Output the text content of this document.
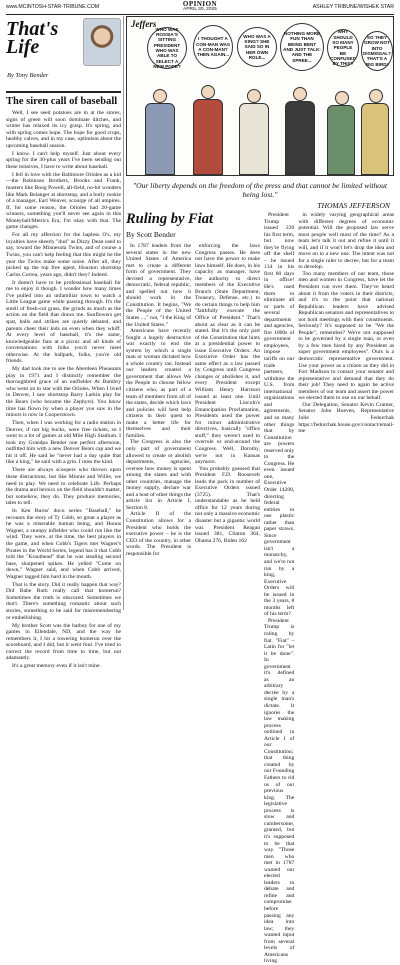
www.MCINTOSH-STAR-TRIBUNE.COM	ASHLEY TRIBUNE/WISHEK STAR
OPINION
APRIL 30, 2025
That's
Life
By Tony Bender
The siren call of baseball

Well, I see seed potatoes are in at the stores, signs of green will soon dominate ditches, and winter has relaxed its icy grasp. It's spring, and with spring comes hope. The hope for good crops, healthy calves, and in my case, optimism about the upcoming baseball season.

I know. I can't help myself. Just about every spring for the 30-plus years I've been sending out these missives, I have to write about baseball.

I fell in love with the Baltimore Orioles as a kid—the Robinson Brothers, Brooks and Frank, masters like Boog Powell, all-field, no-hit wonders like Mark Belanger at shortstop, and a burly rookie of a manager, Earl Weaver, scourge of all umpires. If, for some reason, the Orioles had 20-game winners, something you'll never see again in this Moneyball/Metrics Era, I'm okay with that. The game changes.

For all my affection for the hapless O's, my loyalties have sheerly "dud" as Dizzy Dean used to say, toward the Minnesota Twins, and of course a Twins, you can't help feeling that this might be the year the Twins make some noise. After all, they picked up the top free agent, Houston shortstop Carlos Correa, years ago, didn't they? Indeed.

It doesn't have to be professional baseball for me to enjoy it though. I wonder how many times I've pulled into an unfamiliar town to watch a Little League game while passing through. It's the smell of fresh-cut grass, the grinds as much as the action on the field that draws me. Sunflowers get spat, balls and strikes are quietly debated, and parents cheer their kids on even when they whiff. At every level of baseball, it's the same, knowledgeable fans at a picnic and all kinds of conversations with folks you'd never meet otherwise. At the ballpark, folks, you're old friends.

My dad took me to see the Aberdeen Pheasants play in 1971 and I distinctly remember the thoroughbred grace of an outfielder At Bumbry who went on to star with the Orioles. When I lived in Denver, I saw shortstop Barry Larkin play for the Bears (who became the Zephyrs). You know time has flown by when a player you saw in the minors is now in Cooperstown.

Then, when I was working for a radio station in Denver, if not big bucks, were free tickets, so I went to a lot of games at old Mile High Stadium. I took my Grandpa Bender one perfect afternoon, outfitted him with a new Denver Bears cap and we hit it off. He said he "never had a day quite that like a king," he said with a grin. I miss the kind.

There are always scoopers who thrown upon these distractions, but like Minnie and Willie, we need to play. We need to celebrate Life. Perhaps the drama and heroics on the field shouldn't matter, but somehow, they do. They produce memories, tales to tell.

In Ken Burns' docu series "Baseball," he recounts the story of Ty Cobb, so great a player as he was a miserable human being, and Honus Wagner, a stumpy infielder who could run like the wind. They were, at the time, the best players in the game, and when Cobb's Tigers met Wagner's Pirates in the World Series, legend has it that Cobb told the "Krauthead" that he was stealing second base, sharpened spikes. He yelled "Come on down," Wagner said, and when Cobb arrived, Wagner tagged him hard in the mouth.

That is the story. Did it really happen that way? Did Babe Ruth really call that homerun? Sometimes the truth is obscured. Sometimes we don't. There's something romantic about such stories, something to be said for misremembering or embellishing.

My brother Scott was the batboy for one of my games in Ellendale, ND, and the way he remembers it, I hit a towering homerun over the scoreboard, and I did, but it went foul. I've tried to correct the record from time to time, but not adamantly.

It's a great memory even if it isn't mine.

Jeffers
WHO WAS ROSSIA'S SITTING PRESIDENT WHO WAS ABLE TO SELECT A NEW POPE?
I THOUGHT A CON-MAN WAS A CON-MAN? THEN AGAIN...
WHO WAS A KING? SHE SAID SO IN HER OWN ROLE...
NOTHING MORE FUN THAN BEING BENT AND JUST TALK: AND THE SPREE...
WHY SHOULD SO MANY PEOPLE BE CONFUSED BY THIS?
SO THEY GROW NOT INTO DISMISSAL? THAT'S A BIG BIRD!
"Our liberty depends on the freedom of the press and that cannot be limited without being lost."
THOMAS JEFFERSON
Ruling by Fiat
By Scott Bender

In 1787 leaders from the several states in the new United States of America met to create a different form of government. They devised a representative, democratic, federal republic, and spelled out how it should work in the Constitution. It begins, "We the People of the United States ...," not, "I the King of the United States."

Americans have recently fought a hugely destructive war exactly to end the system by which a single man or woman dictated how a whole country ran. Instead our leaders created a government that allows We the People to choose fellow citizens who, as part of a team of members from all of the states, decide which laws and policies will best help citizens in their quest to make a better life for themselves and their families.

The Congress is also the only part of government allowed to create or abolish departments, agencies, oversee how money is spent among the states and with other countries, manage the money supply, declare war and a host of other things the article list in Article I, Section 8.

Article II of the Constitution allows for a President who holds the executive power – he is the CEO of the country, in other words. The President is responsible for

enforcing the laws Congress passes. He does not have the power to make laws himself. He does, in his capacity as manager, have the authority to direct members of the Executive Branch (State Department, Treasury, Defense, etc.) to do certain things to help him "faithfully execute the Office of President." That's about as clear as it can be stated. But it's the only part of the Constitution that hints at a presidential power to issue Executive Orders. An Executive Order has the same effect as a law passed by Congress until Congress changes or abolishes it, and every President except William Henry Harrison issued at least one. Until President Lincoln's Emancipation Proclamation, Presidents used the power for minor administrative directives, basically "office stuff;" they weren't used to overrule or end-around the Congress. Well, Dorothy, we're not in Kansas anymore.

You probably guessed that President F.D. Roosevelt leads the pack in number of Executive Orders issued (3725). That's understandable as he held office for 12 years during not only a massive economic disaster but a gigantic world war. President Reagan issued 381, Clinton 364, Obama 276, Biden 162

President Trump issued 220 his first term, but now they're flying off the shelf – he issued 134 in his first 80 days in office! He's used them to eliminate all or parts of several departments and agencies, fire 1000s of government employees, impose tariffs on our trade partners, withdraw the U.S. from international organizations and agreements, and so many other things that by Constitution are powers reserved only to the Congress. He even issued one, Executive Order 14208, directing federal entities to use plastic rather than paper straws. Since government isn't a monarchy, and we're not run by a king, Executive Orders will be issued in the 3 years, 8 months left of his term?

President Trump is ruling by fiat. "Fiat" – Latin for "let it be done". In government it's defined as an arbitrary decree by a single man's dictate. It ignores the law making process outlined in Article I of our Constitution; that thing created by our Founding Fathers to rid us of our previous king. The legislative process is slow and cumbersome, granted, but it's supposed to be that way. "Those men who met in 1787 wanted our elected leaders to debate and refine and compromise before passing any idea into law; they wanted input from several levels of Americans living

in widely varying geographical areas with different degrees of economic potential. Will the proposed law serve most people well most of the time? As a team let's talk it out and refine it until it will, and if it won't let's drop the idea and move on to a new one. The intent was not for a single ruler to decree, but for a team to develop.

Too many members of our team, those men and women in Congress, have let the President run over them. They've heard about it from the voters in their districts, and it's to the point that national Republican leaders have advised Republican senators and representatives to not hold meetings with their constituents. Seriously? It's supposed to be "We the People", remember? We're not supposed to be governed by a single man, or even by a few men hired by any President as super government employees". Ours is a democratic representative government. Use your power as a citizen as they did in Fort Madison to contact your senator and representative and demand that they do their job! They need to again be active members of our team and assert the power we elected them to use on our behalf.

Our Delegation, Senator Kevin Cramer, Senator John Hoeven, Representative Julie Fedorchak https://fedorchak.house.gov/contact/email-me
